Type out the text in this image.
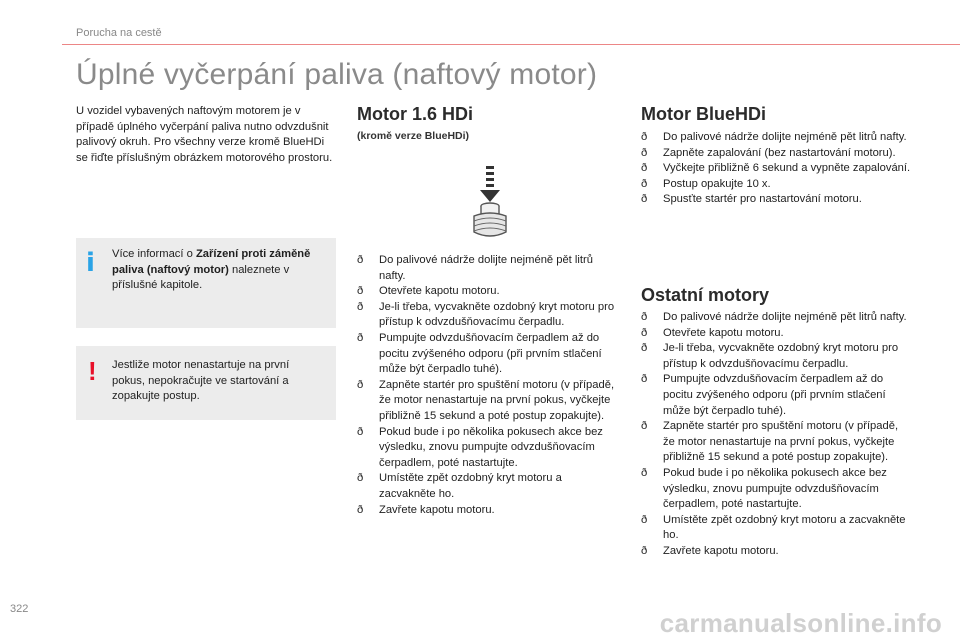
Porucha na cestě
Úplné vyčerpání paliva (naftový motor)

U vozidel vybavených naftovým motorem je v případě úplného vyčerpání paliva nutno odvzdušnit palivový okruh. Pro všechny verze kromě BlueHDi se řiďte příslušným obrázkem motorového prostoru.

i Více informací o Zařízení proti záměně paliva (naftový motor) naleznete v příslušné kapitole.

! Jestliže motor nenastartuje na první pokus, nepokračujte ve startování a zopakujte postup.

Motor 1.6 HDi
(kromě verze BlueHDi)
ð Do palivové nádrže dolijte nejméně pět litrů nafty.
ð Otevřete kapotu motoru.
ð Je-li třeba, vycvakněte ozdobný kryt motoru pro přístup k odvzdušňovacímu čerpadlu.
ð Pumpujte odvzdušňovacím čerpadlem až do pocitu zvýšeného odporu (při prvním stlačení může být čerpadlo tuhé).
ð Zapněte startér pro spuštění motoru (v případě, že motor nenastartuje na první pokus, vyčkejte přibližně 15 sekund a poté postup zopakujte).
ð Pokud bude i po několika pokusech akce bez výsledku, znovu pumpujte odvzdušňovacím čerpadlem, poté nastartujte.
ð Umístěte zpět ozdobný kryt motoru a zacvakněte ho.
ð Zavřete kapotu motoru.
Motor BlueHDi
ð Do palivové nádrže dolijte nejméně pět litrů nafty.
ð Zapněte zapalování (bez nastartování motoru).
ð Vyčkejte přibližně 6 sekund a vypněte zapalování.
ð Postup opakujte 10 x.
ð Spusťte startér pro nastartování motoru.
Ostatní motory
ð Do palivové nádrže dolijte nejméně pět litrů nafty.
ð Otevřete kapotu motoru.
ð Je-li třeba, vycvakněte ozdobný kryt motoru pro přístup k odvzdušňovacímu čerpadlu.
ð Pumpujte odvzdušňovacím čerpadlem až do pocitu zvýšeného odporu (při prvním stlačení může být čerpadlo tuhé).
ð Zapněte startér pro spuštění motoru (v případě, že motor nenastartuje na první pokus, vyčkejte přibližně 15 sekund a poté postup zopakujte).
ð Pokud bude i po několika pokusech akce bez výsledku, znovu pumpujte odvzdušňovacím čerpadlem, poté nastartujte.
ð Umístěte zpět ozdobný kryt motoru a zacvakněte ho.
ð Zavřete kapotu motoru.
322	carmanualsonline.info
